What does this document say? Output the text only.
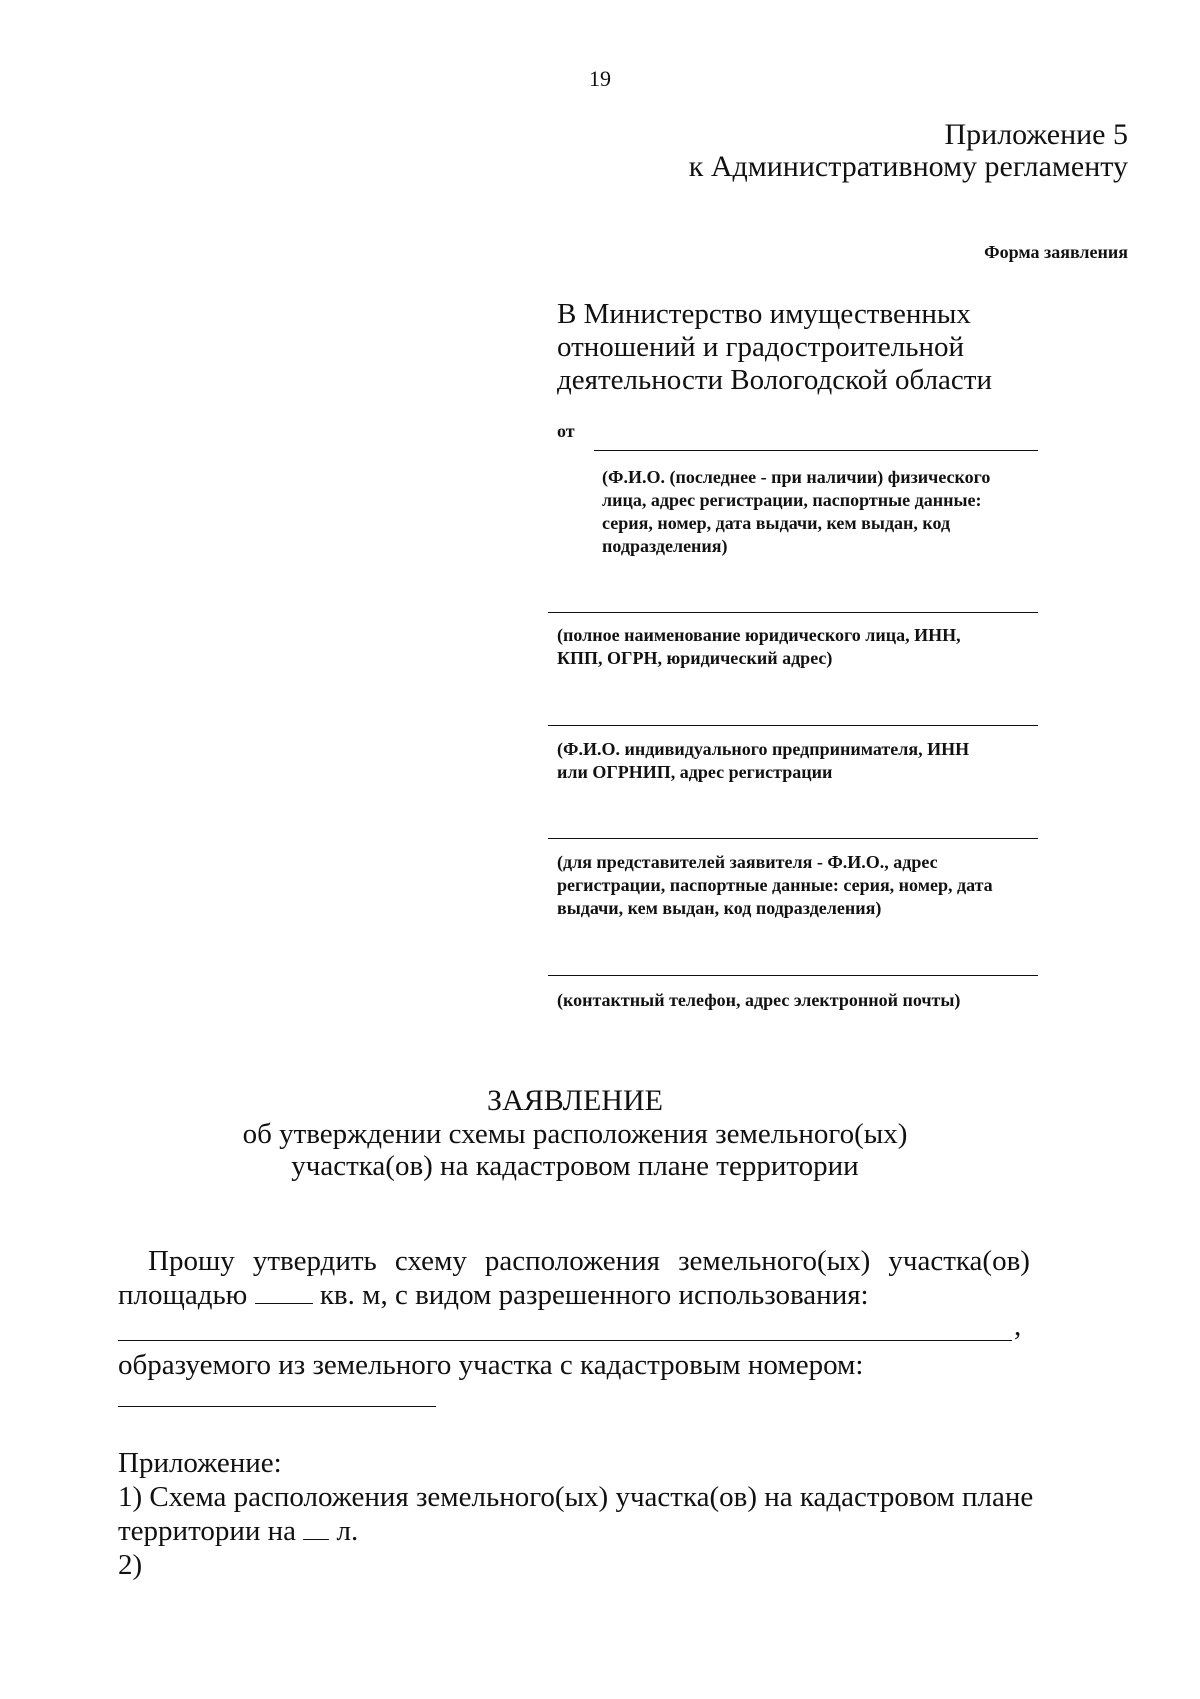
19
Приложение 5
к Административному регламенту
Форма заявления
В Министерство имущественных
отношений и градостроительной
деятельности Вологодской области
от
(Ф.И.О. (последнее - при наличии) физического
лица, адрес регистрации, паспортные данные:
серия, номер, дата выдачи, кем выдан, код
подразделения)
(полное наименование юридического лица, ИНН,
КПП, ОГРН, юридический адрес)
(Ф.И.О. индивидуального предпринимателя, ИНН
или ОГРНИП, адрес регистрации
(для представителей заявителя - Ф.И.О., адрес
регистрации, паспортные данные: серия, номер, дата
выдачи, кем выдан, код подразделения)
(контактный телефон, адрес электронной почты)
ЗАЯВЛЕНИЕ
об утверждении схемы расположения земельного(ых)
участка(ов) на кадастровом плане территории
Прошу утвердить схему расположения земельного(ых) участка(ов)
площадью	кв. м, с видом разрешенного использования:
,
образуемого из земельного участка с кадастровым номером:
Приложение:
1) Схема расположения земельного(ых) участка(ов) на кадастровом плане
территории на л.
2)
